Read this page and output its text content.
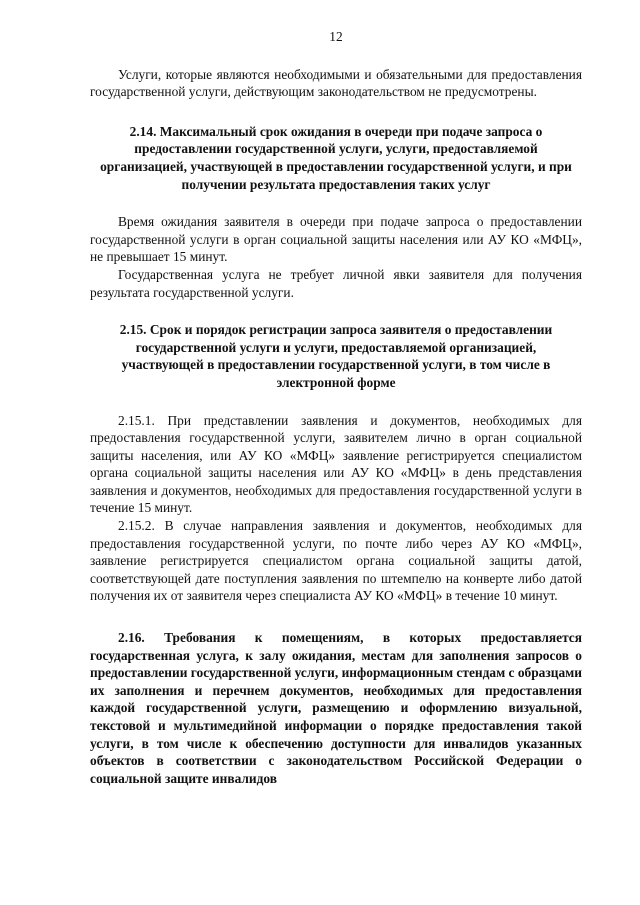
12

Услуги, которые являются необходимыми и обязательными для предоставления государственной услуги, действующим законодательством не предусмотрены.

2.14. Максимальный срок ожидания в очереди при подаче запроса о предоставлении государственной услуги, услуги, предоставляемой организацией, участвующей в предоставлении государственной услуги, и при получении результата предоставления таких услуг

Время ожидания заявителя в очереди при подаче запроса о предоставлении государственной услуги в орган социальной защиты населения или АУ КО «МФЦ», не превышает 15 минут.

Государственная услуга не требует личной явки заявителя для получения результата государственной услуги.

2.15. Срок и порядок регистрации запроса заявителя о предоставлении государственной услуги и услуги, предоставляемой организацией, участвующей в предоставлении государственной услуги, в том числе в электронной форме

2.15.1. При представлении заявления и документов, необходимых для предоставления государственной услуги, заявителем лично в орган социальной защиты населения, или АУ КО «МФЦ» заявление регистрируется специалистом органа социальной защиты населения или АУ КО «МФЦ» в день представления заявления и документов, необходимых для предоставления государственной услуги в течение 15 минут.

2.15.2. В случае направления заявления и документов, необходимых для предоставления государственной услуги, по почте либо через АУ КО «МФЦ», заявление регистрируется специалистом органа социальной защиты датой, соответствующей дате поступления заявления по штемпелю на конверте либо датой получения их от заявителя через специалиста АУ КО «МФЦ» в течение 10 минут.

2.16. Требования к помещениям, в которых предоставляется государственная услуга, к залу ожидания, местам для заполнения запросов о предоставлении государственной услуги, информационным стендам с образцами их заполнения и перечнем документов, необходимых для предоставления каждой государственной услуги, размещению и оформлению визуальной, текстовой и мультимедийной информации о порядке предоставления такой услуги, в том числе к обеспечению доступности для инвалидов указанных объектов в соответствии с законодательством Российской Федерации о социальной защите инвалидов
